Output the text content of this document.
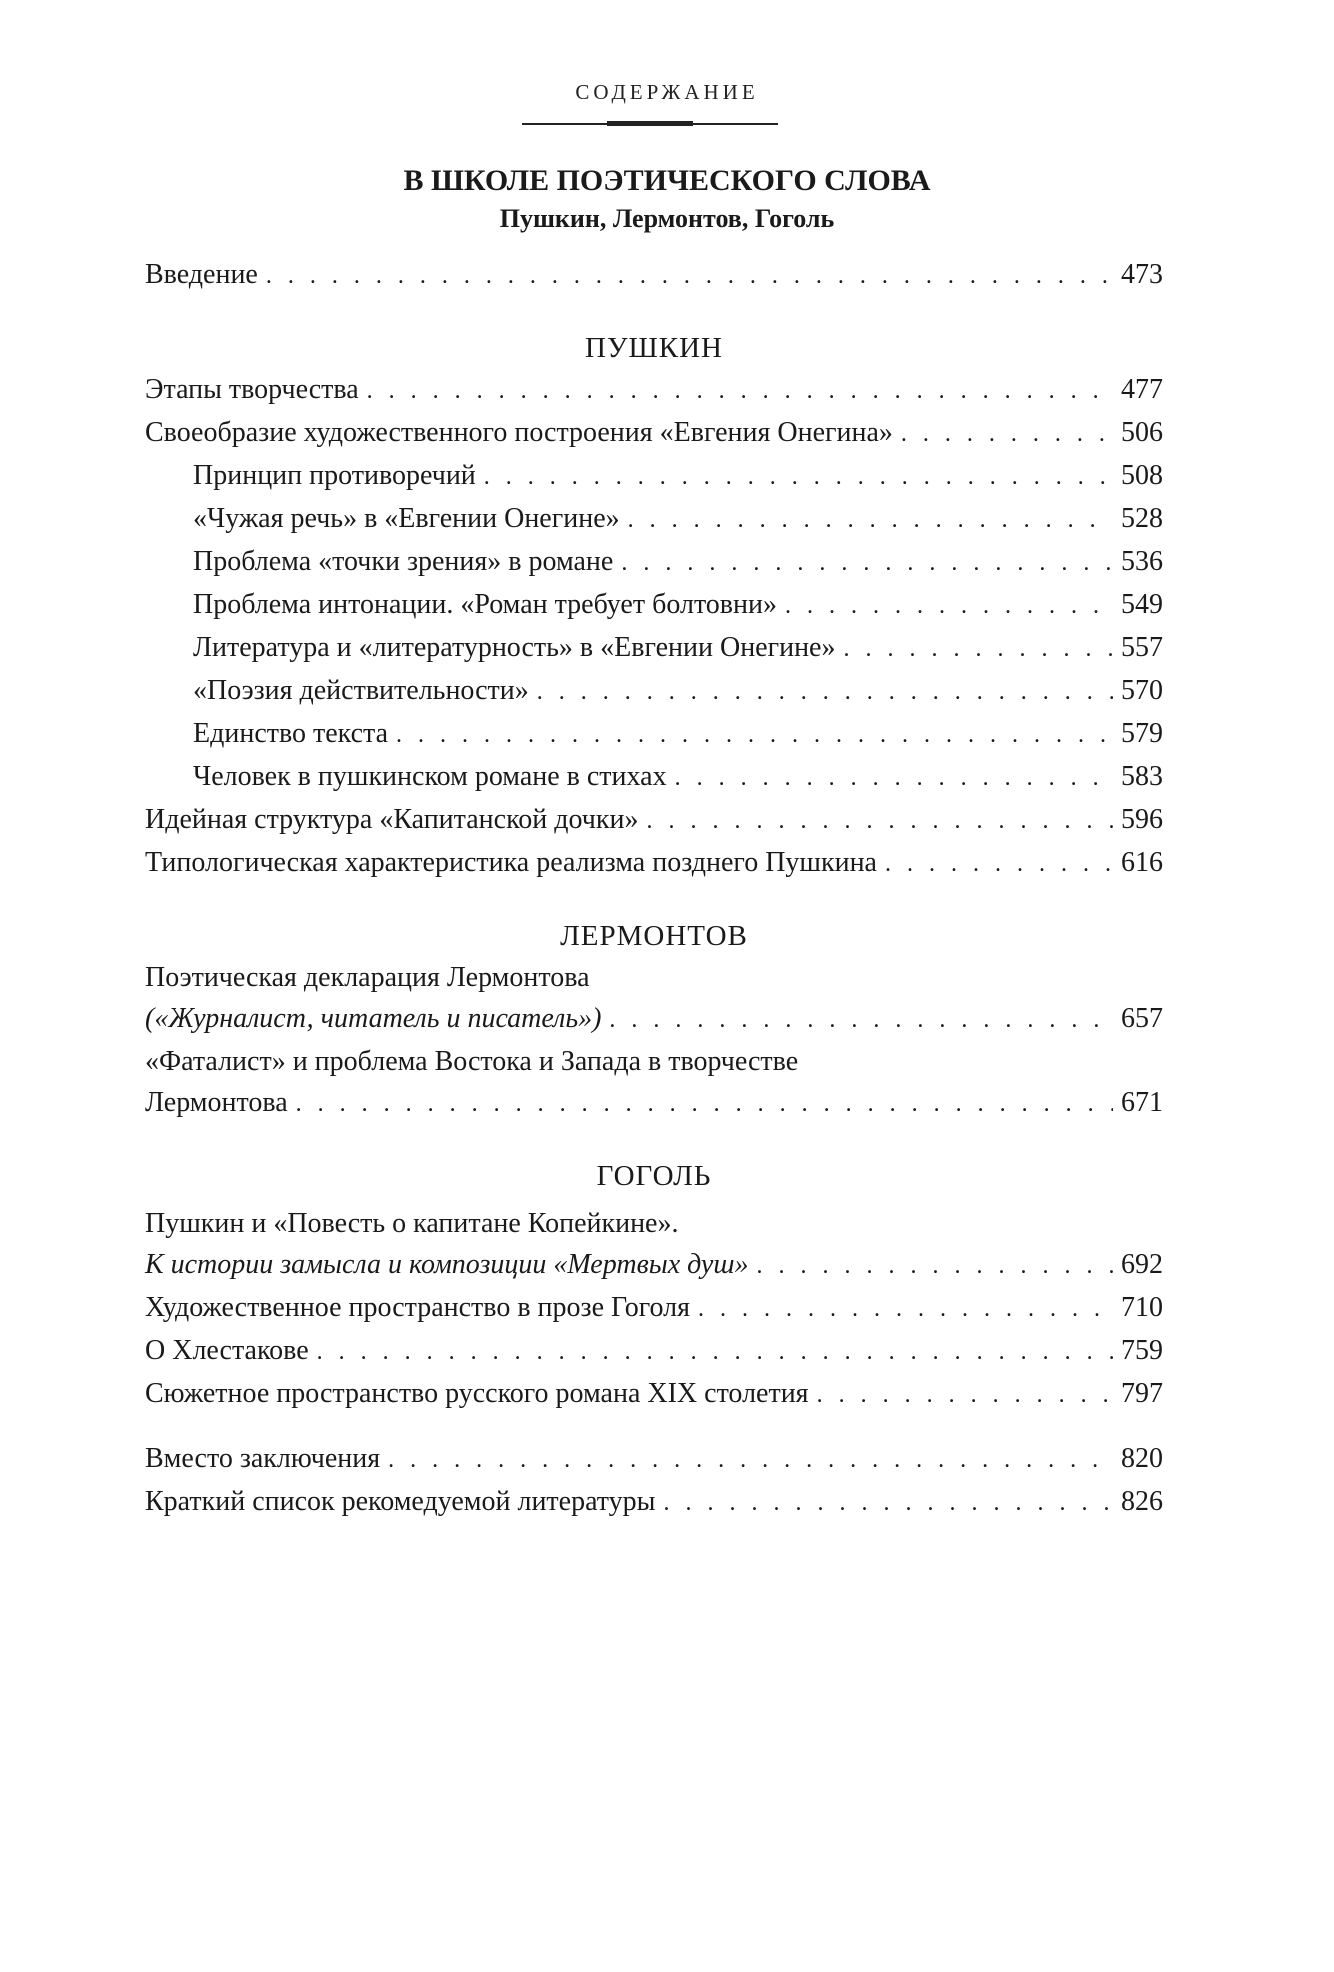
СОДЕРЖАНИЕ
В ШКОЛЕ ПОЭТИЧЕСКОГО СЛОВА
Пушкин, Лермонтов, Гоголь
Введение . . .	473
ПУШКИН
Этапы творчества . . .	477
Своеобразие художественного построения «Евгения Онегина» . . .	506
Принцип противоречий . . .	508
«Чужая речь» в «Евгении Онегине» . . .	528
Проблема «точки зрения» в романе . . .	536
Проблема интонации. «Роман требует болтовни» . . .	549
Литература и «литературность» в «Евгении Онегине» . . .	557
«Поэзия действительности» . . .	570
Единство текста . . .	579
Человек в пушкинском романе в стихах . . .	583
Идейная структура «Капитанской дочки» . . .	596
Типологическая характеристика реализма позднего Пушкина . . .	616
ЛЕРМОНТОВ
Поэтическая декларация Лермонтова
(«Журналист, читатель и писатель») . . .	657
«Фаталист» и проблема Востока и Запада в творчестве
Лермонтова . . .	671
ГОГОЛЬ
Пушкин и «Повесть о капитане Копейкине».
К истории замысла и композиции «Мертвых душ» . . .	692
Художественное пространство в прозе Гоголя . . .	710
О Хлестакове . . .	759
Сюжетное пространство русского романа XIX столетия . . .	797
Вместо заключения . . .	820
Краткий список рекомедуемой литературы . . .	826
